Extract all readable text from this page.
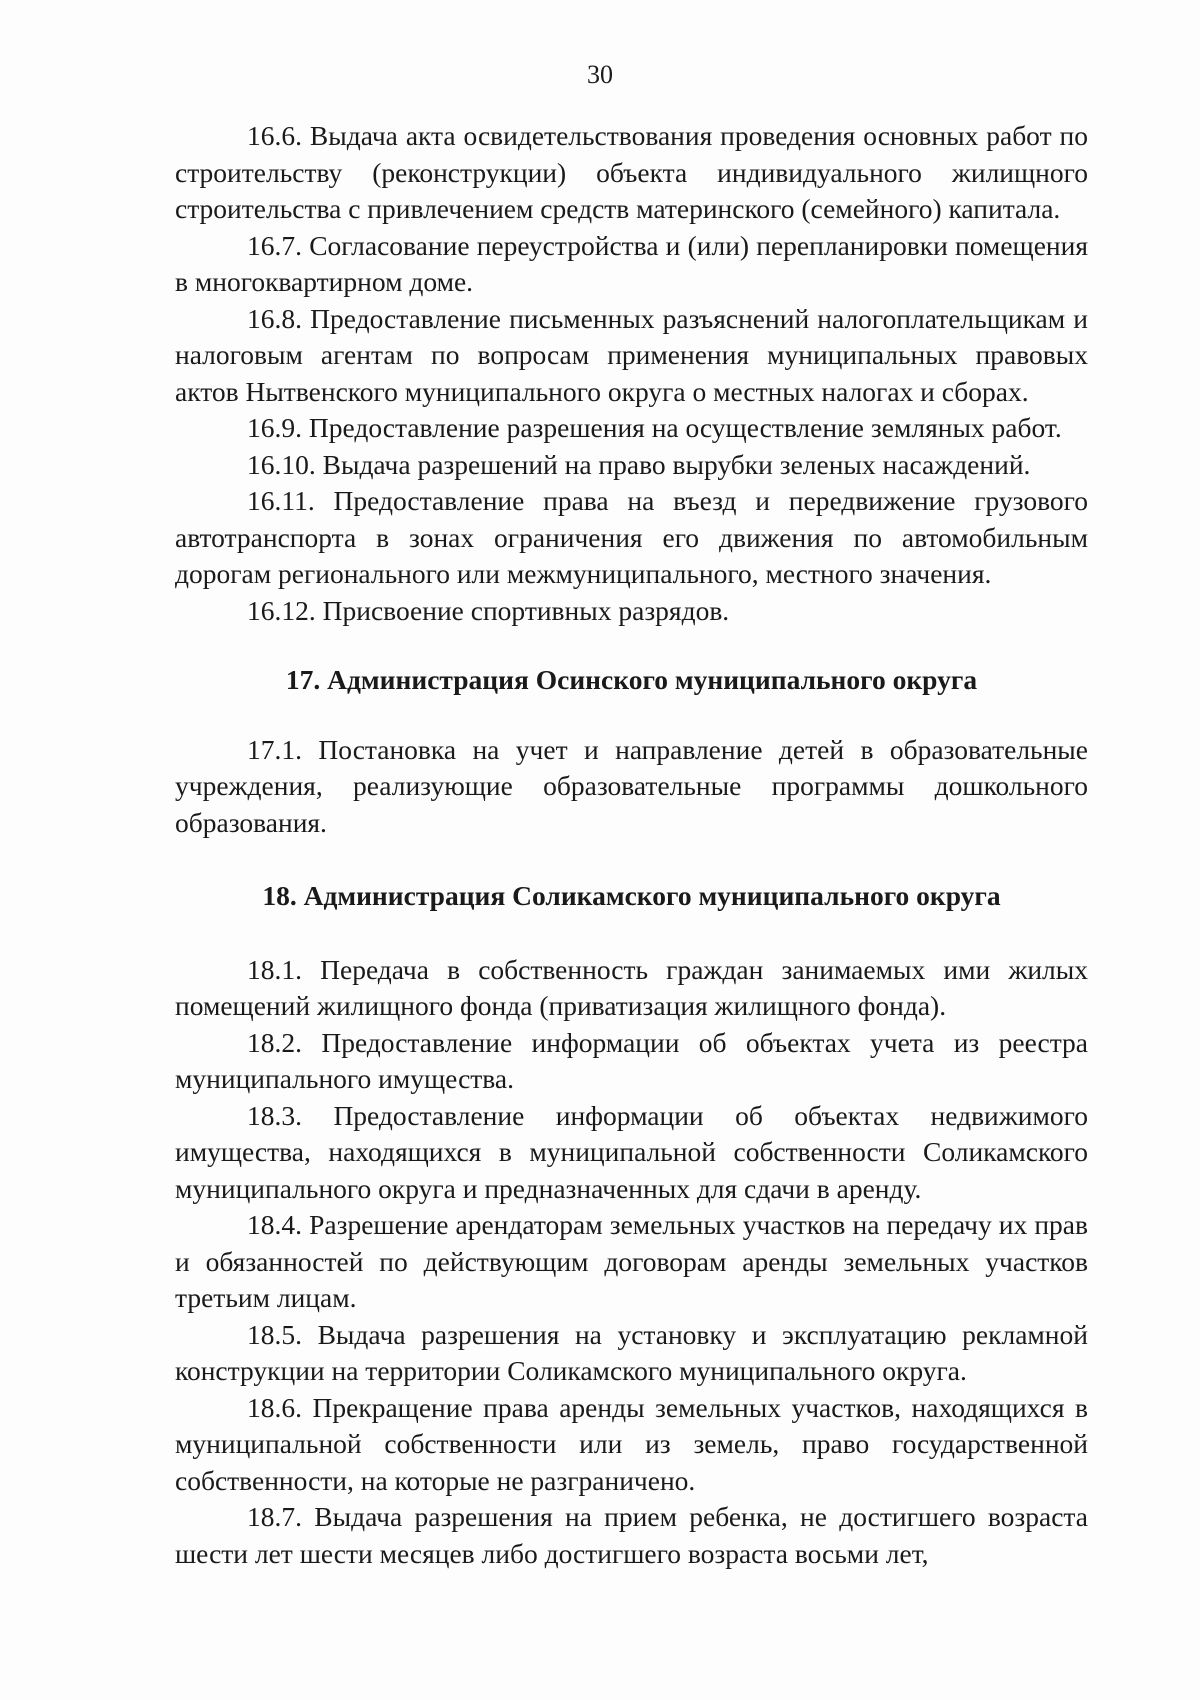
30

16.6. Выдача акта освидетельствования проведения основных работ по строительству (реконструкции) объекта индивидуального жилищного строительства с привлечением средств материнского (семейного) капитала.

16.7. Согласование переустройства и (или) перепланировки помещения в многоквартирном доме.

16.8. Предоставление письменных разъяснений налогоплательщикам и налоговым агентам по вопросам применения муниципальных правовых актов Нытвенского муниципального округа о местных налогах и сборах.

16.9. Предоставление разрешения на осуществление земляных работ.

16.10. Выдача разрешений на право вырубки зеленых насаждений.

16.11. Предоставление права на въезд и передвижение грузового автотранспорта в зонах ограничения его движения по автомобильным дорогам регионального или межмуниципального, местного значения.

16.12. Присвоение спортивных разрядов.

17. Администрация Осинского муниципального округа

17.1. Постановка на учет и направление детей в образовательные учреждения, реализующие образовательные программы дошкольного образования.

18. Администрация Соликамского муниципального округа

18.1. Передача в собственность граждан занимаемых ими жилых помещений жилищного фонда (приватизация жилищного фонда).

18.2. Предоставление информации об объектах учета из реестра муниципального имущества.

18.3. Предоставление информации об объектах недвижимого имущества, находящихся в муниципальной собственности Соликамского муниципального округа и предназначенных для сдачи в аренду.

18.4. Разрешение арендаторам земельных участков на передачу их прав и обязанностей по действующим договорам аренды земельных участков третьим лицам.

18.5. Выдача разрешения на установку и эксплуатацию рекламной конструкции на территории Соликамского муниципального округа.

18.6. Прекращение права аренды земельных участков, находящихся в муниципальной собственности или из земель, право государственной собственности, на которые не разграничено.

18.7. Выдача разрешения на прием ребенка, не достигшего возраста шести лет шести месяцев либо достигшего возраста восьми лет,
